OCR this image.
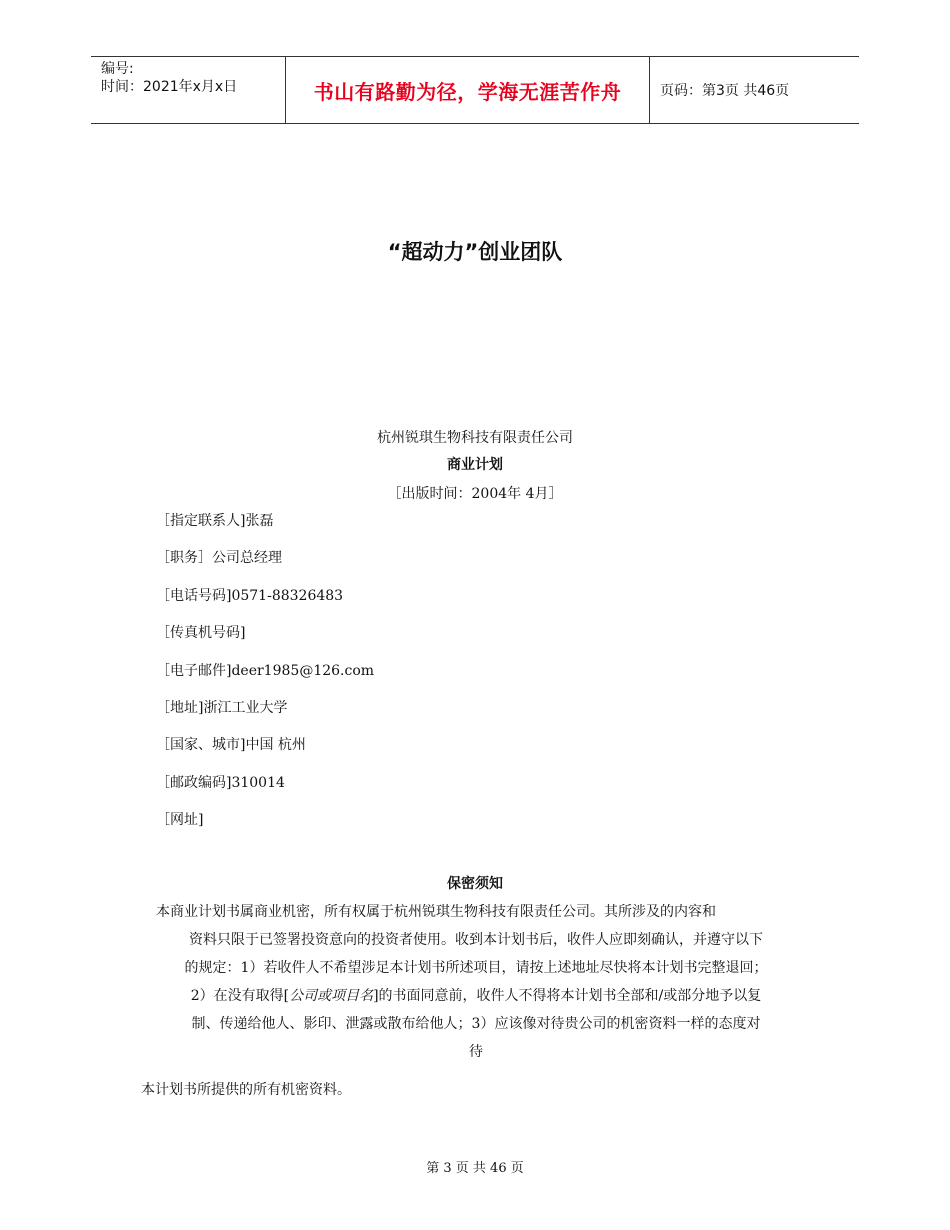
编号:
时间：2021年x月x日	书山有路勤为径，学海无涯苦作舟	页码：第3页 共46页
“超动力”创业团队
杭州锐琪生物科技有限责任公司
商业计划
［出版时间：2004年 4月］
［指定联系人]张磊
［职务］公司总经理
［电话号码]0571-88326483
［传真机号码]
［电子邮件]deer1985@126.com
［地址]浙江工业大学
［国家、城市]中国 杭州
［邮政编码]310014
［网址]
保密须知
本商业计划书属商业机密，所有权属于杭州锐琪生物科技有限责任公司。其所涉及的内容和
资料只限于已签署投资意向的投资者使用。收到本计划书后，收件人应即刻确认，并遵守以下
的规定：1）若收件人不希望涉足本计划书所述项目，请按上述地址尽快将本计划书完整退回；
2）在没有取得[公司或项目名]的书面同意前，收件人不得将本计划书全部和/或部分地予以复
制、传递给他人、影印、泄露或散布给他人；3）应该像对待贵公司的机密资料一样的态度对
待
本计划书所提供的所有机密资料。
第 3 页 共 46 页
